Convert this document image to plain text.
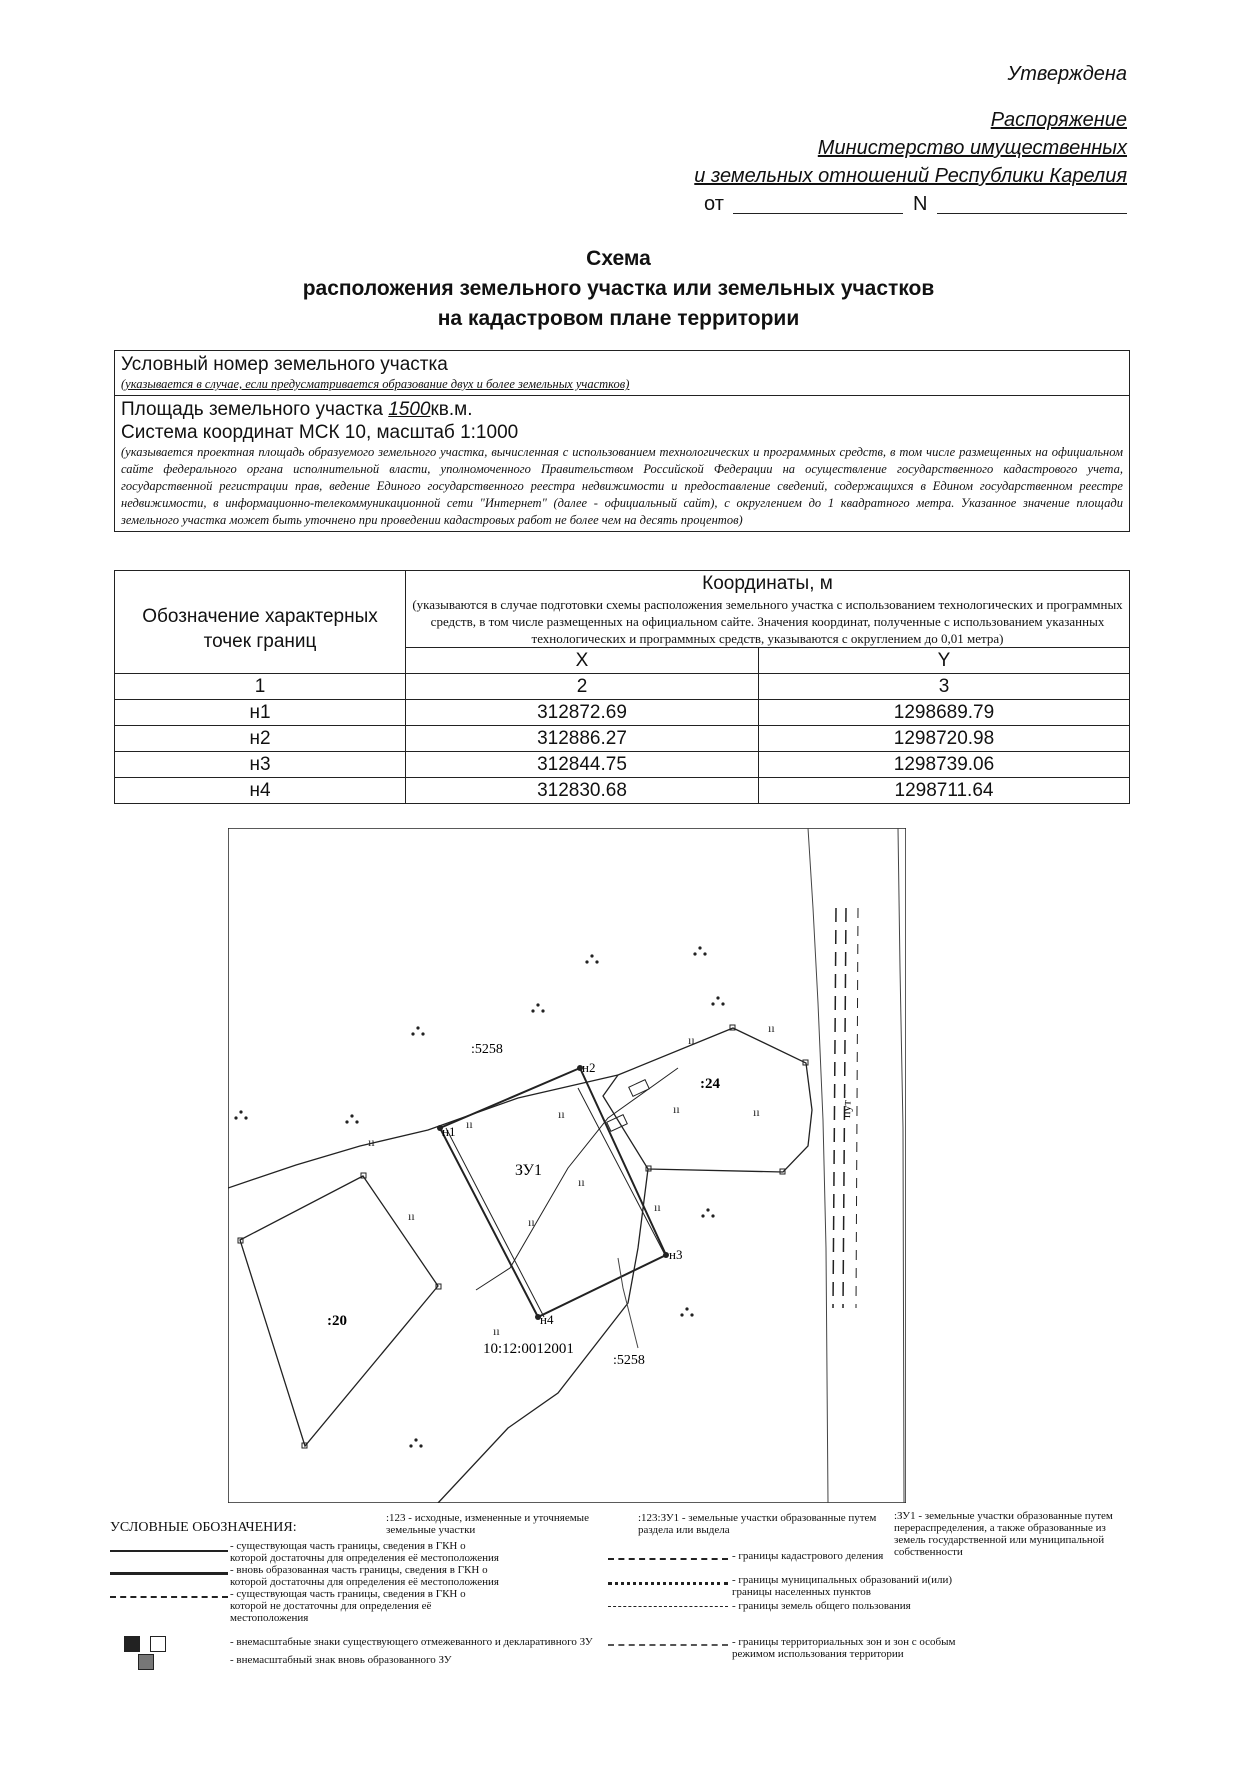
Утверждена
Распоряжение
Министерство имущественных
и земельных отношений Республики Карелия
от	N
Схема
расположения земельного участка или земельных участков
на кадастровом плане территории
Условный номер земельного участка
(указывается в случае, если предусматривается образование двух и более земельных участков)

Площадь земельного участка 1500кв.м.
Система координат МСК 10, масштаб 1:1000
(указывается проектная площадь образуемого земельного участка, вычисленная с использованием технологических и программных средств, в том числе размещенных на официальном сайте федерального органа исполнительной власти, уполномоченного Правительством Российской Федерации на осуществление государственного кадастрового учета, государственной регистрации прав, ведение Единого государственного реестра недвижимости и предоставление сведений, содержащихся в Едином государственном реестре недвижимости, в информационно-телекоммуникационной сети "Интернет" (далее - официальный сайт), с округлением до 1 квадратного метра. Указанное значение площади земельного участка может быть уточнено при проведении кадастровых работ не более чем на десять процентов)
Обозначение характерных точек границ	Координаты, м
(указываются в случае подготовки схемы расположения земельного участка с использованием технологических и программных средств, в том числе размещенных на официальном сайте. Значения координат, полученные с использованием указанных технологических и программных средств, указываются с округлением до 0,01 метра)	

	X	Y
1	2	3
н1	312872.69	1298689.79
н2	312886.27	1298720.98
н3	312844.75	1298739.06
н4	312830.68	1298711.64
ıı
ıı
ıı	ıı
ıı
ıı
ıı
ıı	ıı
ıı
ıı
ıı
:5258
:5258
:24
:20
ЗУ1
10:12:0012001
пут
н1
н2
н3
н4
УСЛОВНЫЕ ОБОЗНАЧЕНИЯ:
- существующая часть границы, сведения в ГКН о которой достаточны для определения её местоположения
- вновь образованная часть границы, сведения в ГКН о которой достаточны для определения её местоположения
- существующая часть границы, сведения в ГКН о которой не достаточны для определения её местоположения
:123 - исходные, измененные и уточняемые земельные участки
:123:ЗУ1 - земельные участки образованные путем раздела или выдела
:ЗУ1 - земельные участки образованные путем перераспределения, а также образованные из земель государственной или муниципальной собственности
- границы кадастрового деления
- границы муниципальных образований и(или) границы населенных пунктов
- границы земель общего пользования
- внемасштабные знаки существующего отмежеванного и декларативного ЗУ
- внемасштабный знак вновь образованного ЗУ
- границы территориальных зон и зон с особым режимом использования территории
